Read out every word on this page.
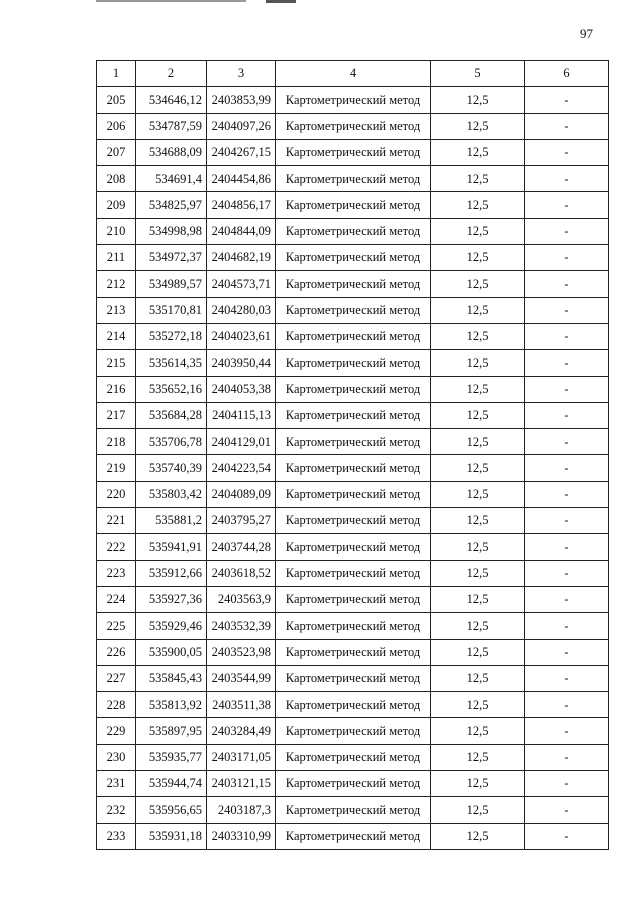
97
1	2	3	4	5	6
205	534646,12	2403853,99	Картометрический метод	12,5	-
206	534787,59	2404097,26	Картометрический метод	12,5	-
207	534688,09	2404267,15	Картометрический метод	12,5	-
208	534691,4	2404454,86	Картометрический метод	12,5	-
209	534825,97	2404856,17	Картометрический метод	12,5	-
210	534998,98	2404844,09	Картометрический метод	12,5	-
211	534972,37	2404682,19	Картометрический метод	12,5	-
212	534989,57	2404573,71	Картометрический метод	12,5	-
213	535170,81	2404280,03	Картометрический метод	12,5	-
214	535272,18	2404023,61	Картометрический метод	12,5	-
215	535614,35	2403950,44	Картометрический метод	12,5	-
216	535652,16	2404053,38	Картометрический метод	12,5	-
217	535684,28	2404115,13	Картометрический метод	12,5	-
218	535706,78	2404129,01	Картометрический метод	12,5	-
219	535740,39	2404223,54	Картометрический метод	12,5	-
220	535803,42	2404089,09	Картометрический метод	12,5	-
221	535881,2	2403795,27	Картометрический метод	12,5	-
222	535941,91	2403744,28	Картометрический метод	12,5	-
223	535912,66	2403618,52	Картометрический метод	12,5	-
224	535927,36	2403563,9	Картометрический метод	12,5	-
225	535929,46	2403532,39	Картометрический метод	12,5	-
226	535900,05	2403523,98	Картометрический метод	12,5	-
227	535845,43	2403544,99	Картометрический метод	12,5	-
228	535813,92	2403511,38	Картометрический метод	12,5	-
229	535897,95	2403284,49	Картометрический метод	12,5	-
230	535935,77	2403171,05	Картометрический метод	12,5	-
231	535944,74	2403121,15	Картометрический метод	12,5	-
232	535956,65	2403187,3	Картометрический метод	12,5	-
233	535931,18	2403310,99	Картометрический метод	12,5	-
